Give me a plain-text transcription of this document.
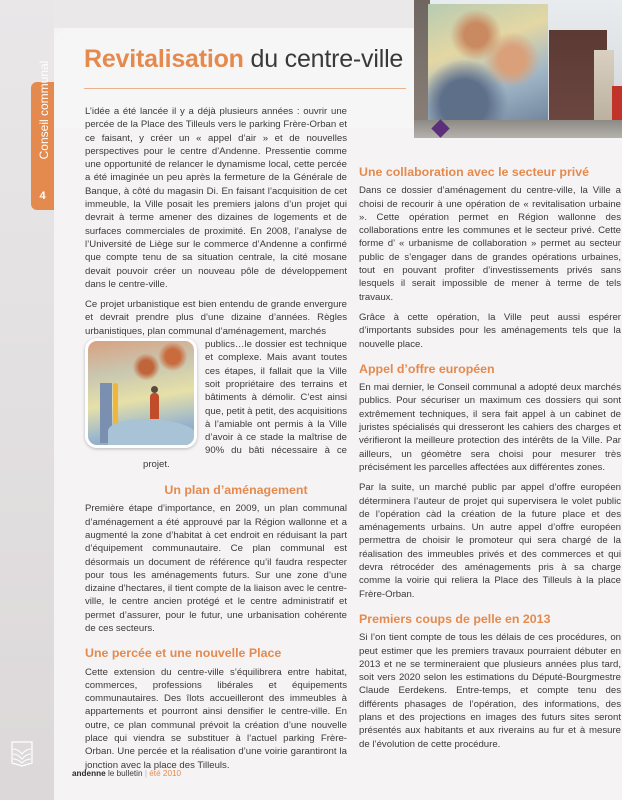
Conseil communal
4
Revitalisation du centre-ville

L’idée a été lancée il y a déjà plusieurs années : ouvrir une percée de la Place des Tilleuls vers le parking Frère-Orban et ce faisant, y créer un « appel d’air » et de nouvelles perspectives pour le centre d’Andenne. Pressentie comme une opportunité de relancer le dynamisme local, cette percée a été imaginée un peu après la fermeture de la Générale de Banque, à côté du magasin Di. En faisant l’acquisition de cet immeuble, la Ville posait les premiers jalons d’un projet qui devrait à terme amener des dizaines de logements et de surfaces commerciales de proximité. En 2008, l’analyse de l’Université de Liège sur le commerce d’Andenne a confirmé que compte tenu de sa situation centrale, la cité mosane devait pouvoir créer un nouveau pôle de développement dans le centre-ville.

Ce projet urbanistique est bien entendu de grande envergure et devrait prendre plus d’une dizaine d’années. Règles urbanistiques, plan communal d’aménagement, marchés

publics…le dossier est technique et complexe. Mais avant toutes ces étapes, il fallait que la Ville soit propriétaire des terrains et bâtiments à démolir. C’est ainsi que, petit à petit, des acquisitions à l’amiable ont permis à la Ville d’avoir à ce stade la maîtrise de 90% du bâti nécessaire à ce projet.

Un plan d’aménagement

Première étape d’importance, en 2009, un plan communal d’aménagement a été approuvé par la Région wallonne et a augmenté la zone d’habitat à cet endroit en réduisant la part d’équipement communautaire. Ce plan communal est désormais un document de référence qu’il faudra respecter pour tous les aménagements futurs. Sur une zone d’une dizaine d’hectares, il tient compte de la liaison avec le centre-ville, le centre ancien protégé et le centre administratif et permet d’assurer, pour le futur, une urbanisation cohérente de ces secteurs.

Une percée et une nouvelle Place

Cette extension du centre-ville s’équilibrera entre habitat, commerces, professions libérales et équipements communautaires. Des îlots accueilleront des immeubles à appartements et pourront ainsi densifier le centre-ville. En outre, ce plan communal prévoit la création d’une nouvelle place qui viendra se substituer à l’actuel parking Frère-Orban. Une percée et la réalisation d’une voirie garantiront la jonction avec la place des Tilleuls.

Une collaboration avec le secteur privé

Dans ce dossier d’aménagement du centre-ville, la Ville a choisi de recourir à une opération de « revitalisation urbaine ». Cette opération permet en Région wallonne des collaborations entre les communes et le secteur privé. Cette forme d’ « urbanisme de collaboration » permet au secteur public de s’engager dans de grandes opérations urbaines, tout en pouvant profiter d’investissements privés sans lesquels il serait impossible de mener à terme de tels travaux.

Grâce à cette opération, la Ville peut aussi espérer d’importants subsides pour les aménagements tels que la nouvelle place.

Appel d’offre européen

En mai dernier, le Conseil communal a adopté deux marchés publics. Pour sécuriser un maximum ces dossiers qui sont extrêmement techniques, il sera fait appel à un cabinet de juristes spécialisés qui dresseront les cahiers des charges et vérifieront la meilleure protection des intérêts de la Ville. Par ailleurs, un géomètre sera choisi pour mesurer très précisément les parcelles affectées aux différentes zones.

Par la suite, un marché public par appel d’offre européen déterminera l’auteur de projet qui supervisera le volet public de l’opération càd la création de la future place et des aménagements urbains. Un autre appel d’offre européen permettra de choisir le promoteur qui sera chargé de la réalisation des immeubles privés et des commerces et qui devra rétrocéder des aménagements pris à sa charge comme la voirie qui reliera la Place des Tilleuls à la place Frère-Orban.

Premiers coups de pelle en 2013

Si l’on tient compte de tous les délais de ces procédures, on peut estimer que les premiers travaux pourraient débuter en 2013 et ne se termineraient que plusieurs années plus tard, soit vers 2020 selon les estimations du Député-Bourgmestre Claude Eerdekens. Entre-temps, et compte tenu des différents phasages de l’opération, des informations, des plans et des projections en images des futurs sites seront présentés aux habitants et aux riverains au fur et à mesure de l’évolution de cette procédure.

andenne le bulletin | été 2010
